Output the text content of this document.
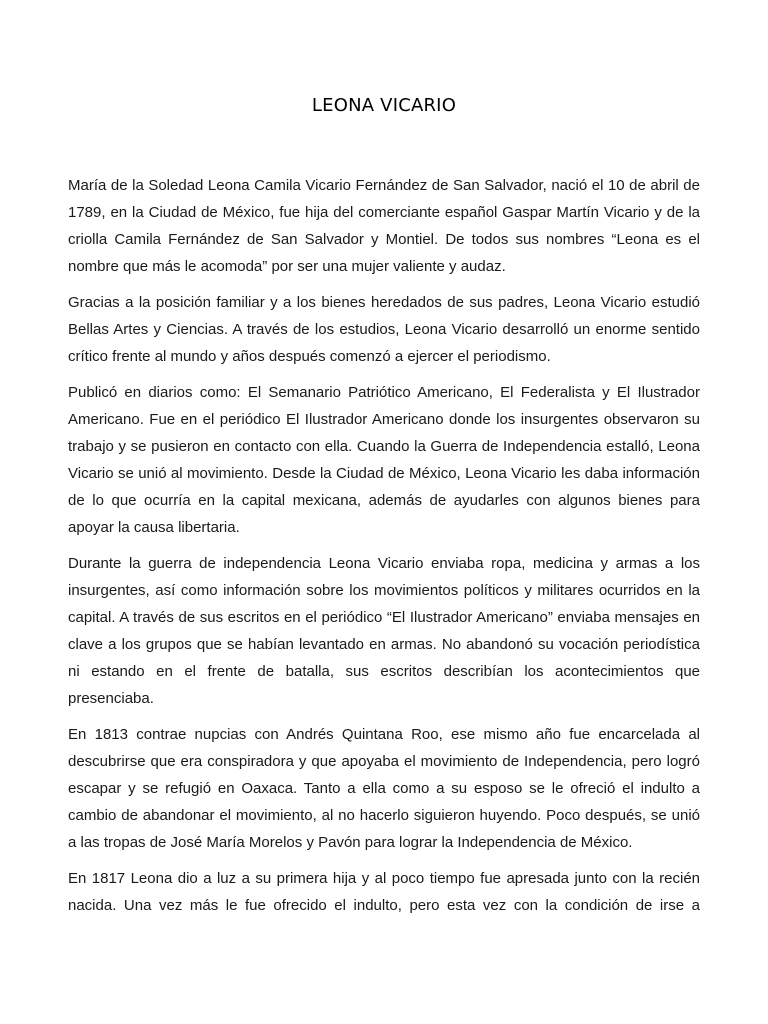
LEONA VICARIO

María de la Soledad Leona Camila Vicario Fernández de San Salvador, nació el 10 de abril de 1789, en la Ciudad de México, fue hija del comerciante español Gaspar Martín Vicario y de la criolla Camila Fernández de San Salvador y Montiel. De todos sus nombres “Leona es el nombre que más le acomoda” por ser una mujer valiente y audaz.

Gracias a la posición familiar y a los bienes heredados de sus padres, Leona Vicario estudió Bellas Artes y Ciencias. A través de los estudios, Leona Vicario desarrolló un enorme sentido crítico frente al mundo y años después comenzó a ejercer el periodismo.

Publicó en diarios como: El Semanario Patriótico Americano, El Federalista y El Ilustrador Americano. Fue en el periódico El Ilustrador Americano donde los insurgentes observaron su trabajo y se pusieron en contacto con ella. Cuando la Guerra de Independencia estalló, Leona Vicario se unió al movimiento. Desde la Ciudad de México, Leona Vicario les daba información de lo que ocurría en la capital mexicana, además de ayudarles con algunos bienes para apoyar la causa libertaria.

Durante la guerra de independencia Leona Vicario enviaba ropa, medicina y armas a los insurgentes, así como información sobre los movimientos políticos y militares ocurridos en la capital. A través de sus escritos en el periódico “El Ilustrador Americano” enviaba mensajes en clave a los grupos que se habían levantado en armas. No abandonó su vocación periodística ni estando en el frente de batalla, sus escritos describían los acontecimientos que presenciaba.

En 1813 contrae nupcias con Andrés Quintana Roo, ese mismo año fue encarcelada al descubrirse que era conspiradora y que apoyaba el movimiento de Independencia, pero logró escapar y se refugió en Oaxaca. Tanto a ella como a su esposo se le ofreció el indulto a cambio de abandonar el movimiento, al no hacerlo siguieron huyendo. Poco después, se unió a las tropas de José María Morelos y Pavón para lograr la Independencia de México.

En 1817 Leona dio a luz a su primera hija y al poco tiempo fue apresada junto con la recién nacida. Una vez más le fue ofrecido el indulto, pero esta vez con la condición de irse a
